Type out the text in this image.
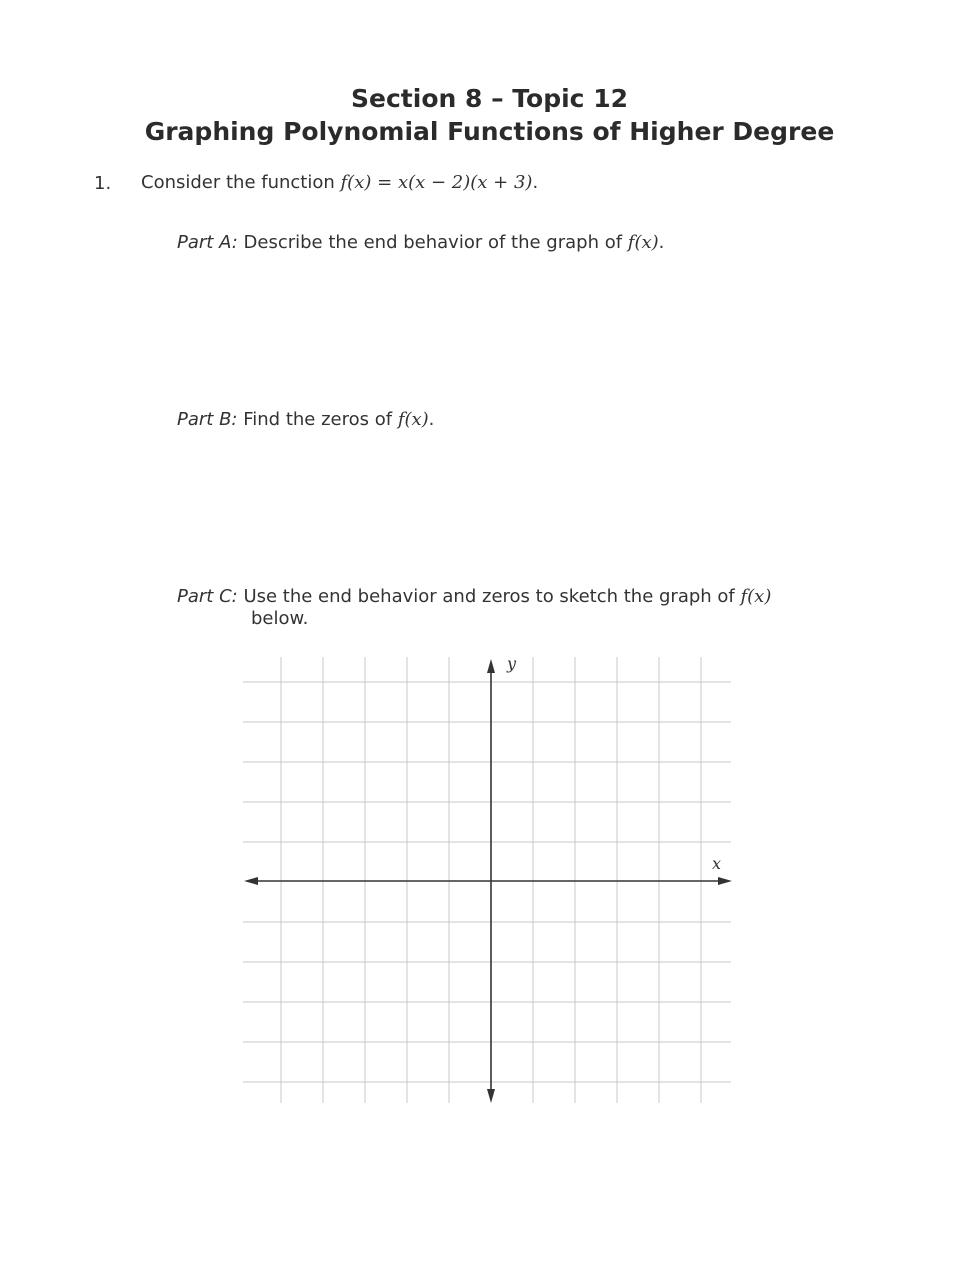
Section 8 – Topic 12
Graphing Polynomial Functions of Higher Degree
1. Consider the function f(x) = x(x − 2)(x + 3).
Part A: Describe the end behavior of the graph of f(x).
Part B: Find the zeros of f(x).
Part C: Use the end behavior and zeros to sketch the graph of f(x)
below.
x
y
